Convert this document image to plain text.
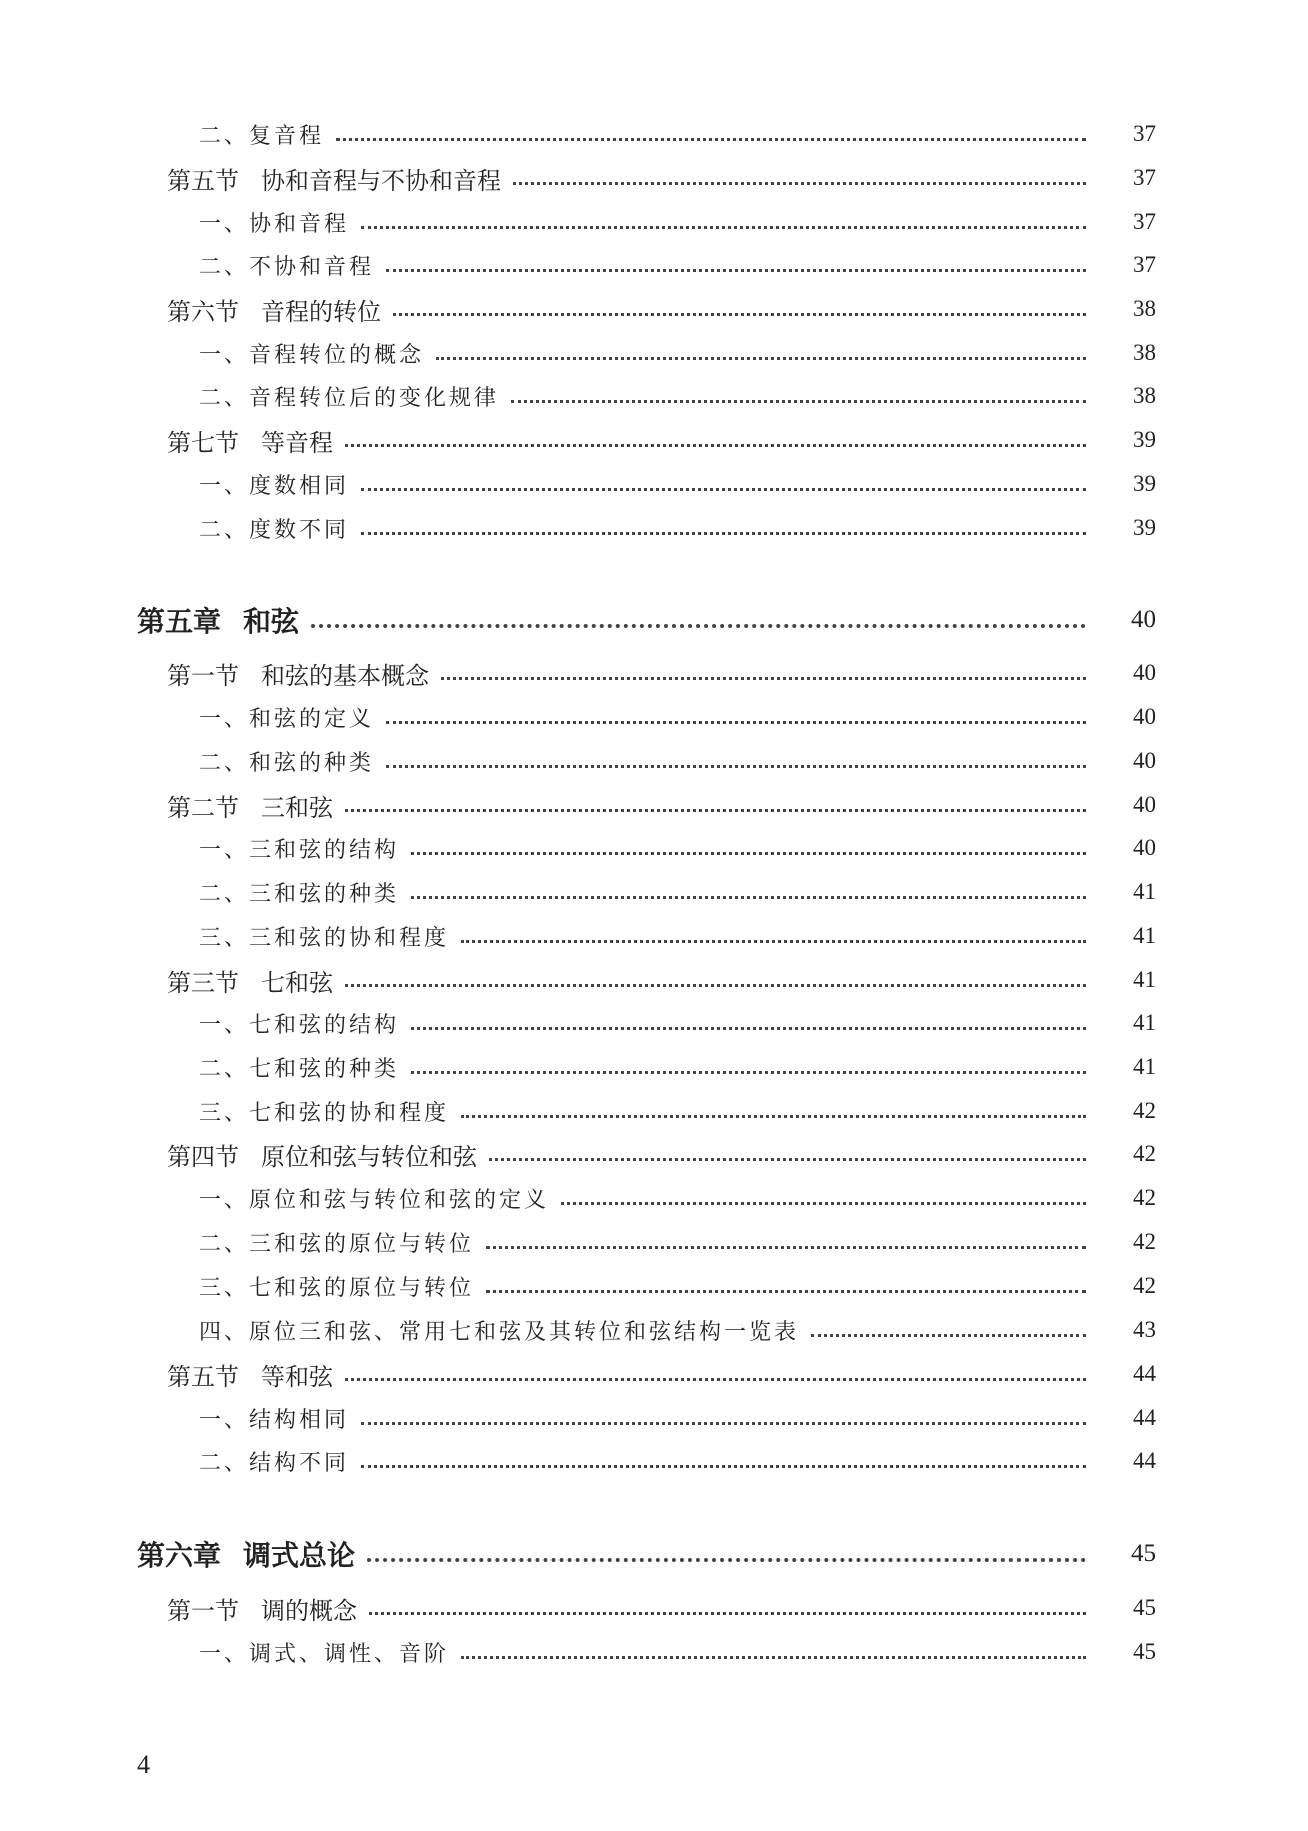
二、复音程	37
第五节 协和音程与不协和音程	37
一、协和音程	37
二、不协和音程	37
第六节 音程的转位	38
一、音程转位的概念	38
二、音程转位后的变化规律	38
第七节 等音程	39
一、度数相同	39
二、度数不同	39
第五章 和弦	40
第一节 和弦的基本概念	40
一、和弦的定义	40
二、和弦的种类	40
第二节 三和弦	40
一、三和弦的结构	40
二、三和弦的种类	41
三、三和弦的协和程度	41
第三节 七和弦	41
一、七和弦的结构	41
二、七和弦的种类	41
三、七和弦的协和程度	42
第四节 原位和弦与转位和弦	42
一、原位和弦与转位和弦的定义	42
二、三和弦的原位与转位	42
三、七和弦的原位与转位	42
四、原位三和弦、常用七和弦及其转位和弦结构一览表	43
第五节 等和弦	44
一、结构相同	44
二、结构不同	44
第六章 调式总论	45
第一节 调的概念	45
一、调式、调性、音阶	45
4
